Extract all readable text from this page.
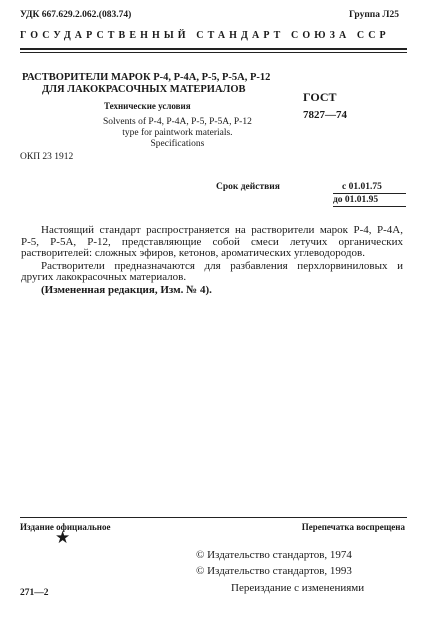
УДК 667.629.2.062.(083.74)	Группа Л25
ГОСУДАРСТВЕННЫЙ СТАНДАРТ СОЮЗА ССР
РАСТВОРИТЕЛИ МАРОК Р-4, Р-4А, Р-5, Р-5А, Р-12
ДЛЯ ЛАКОКРАСОЧНЫХ МАТЕРИАЛОВ
Технические условия
Solvents of P-4, P-4A, P-5, P-5A, P-12
type for paintwork materials.
Specifications
ГОСТ
7827—74
ОКП 23 1912
Срок действия	с 01.01.75
до 01.01.95

Настоящий стандарт распространяется на растворители марок Р-4, Р-4А, Р-5, Р-5А, Р-12, представляющие собой смеси летучих органических растворителей: сложных эфиров, кетонов, ароматических углеводородов.

Растворители предназначаются для разбавления перхлорвиниловых и других лакокрасочных материалов.

(Измененная редакция, Изм. № 4).

Издание официальное	Перепечатка воспрещена
★
© Издательство стандартов, 1974
© Издательство стандартов, 1993
Переиздание с изменениями
271—2
